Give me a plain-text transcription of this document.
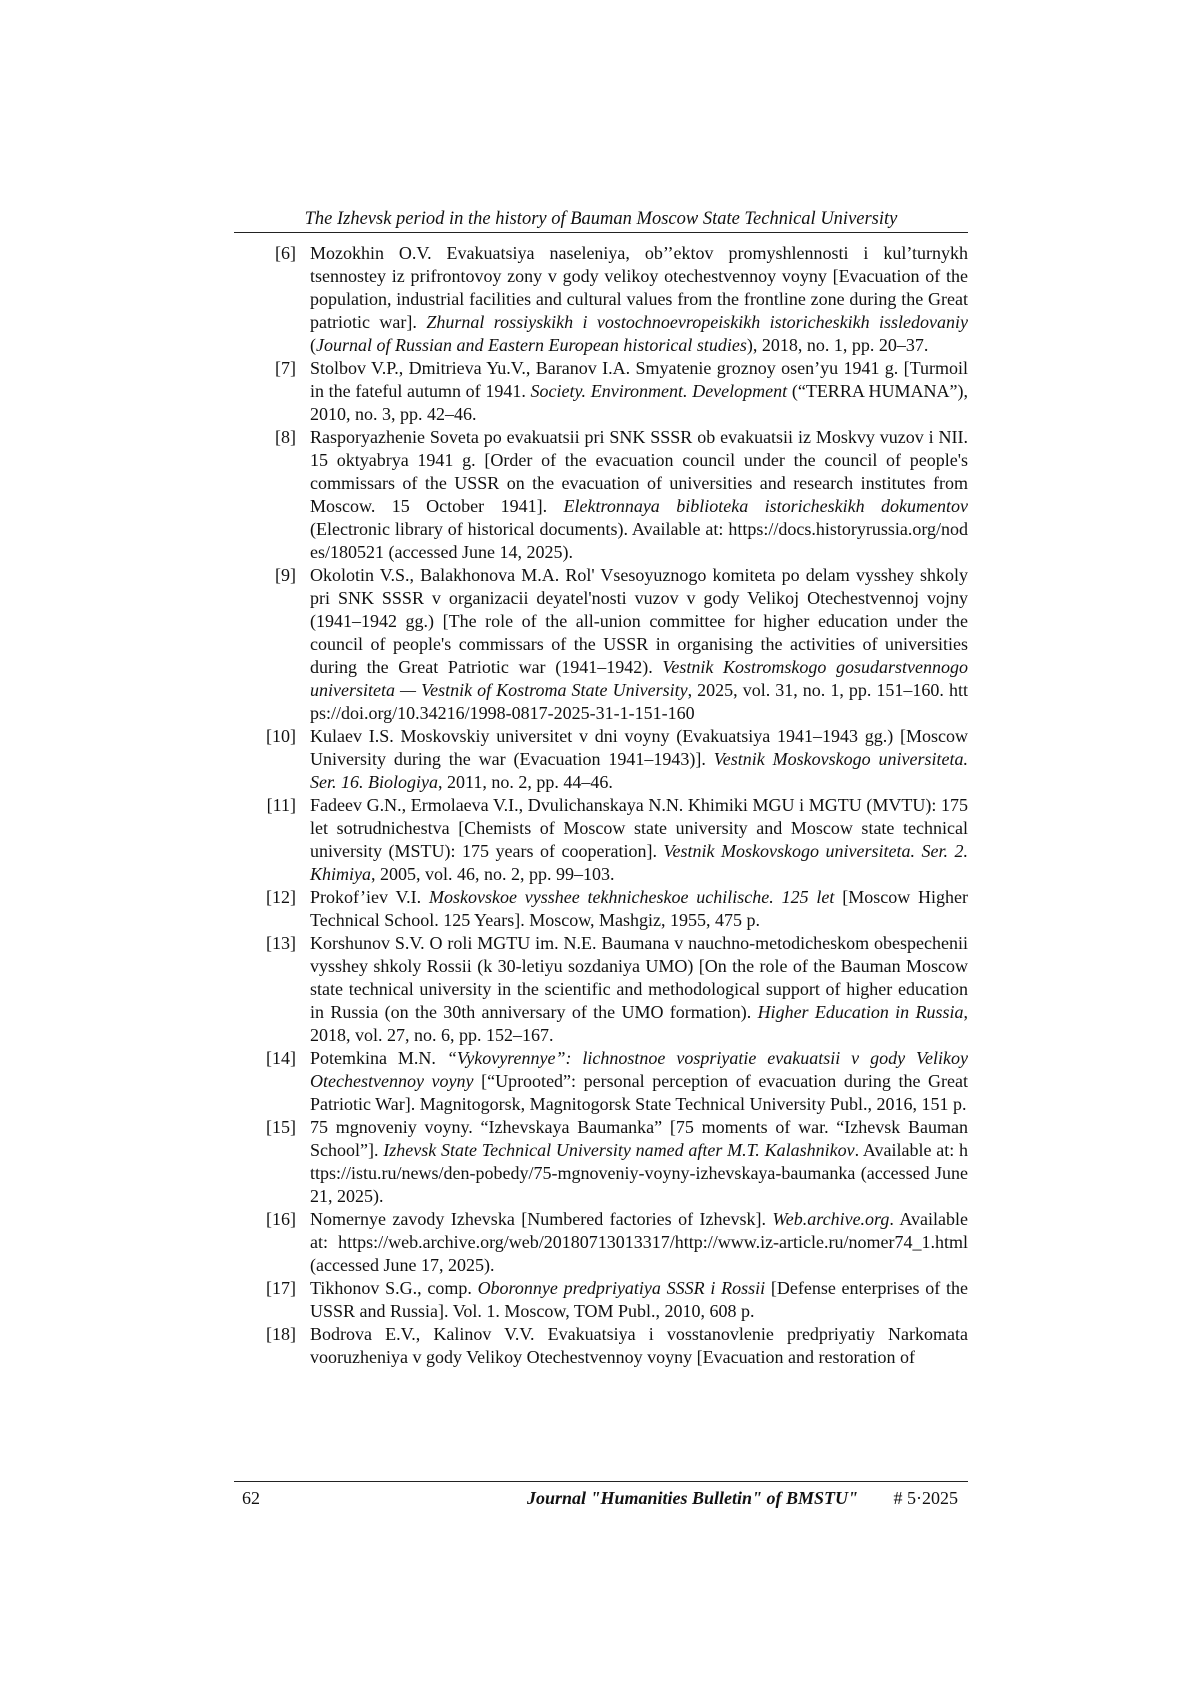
The Izhevsk period in the history of Bauman Moscow State Technical University
[6] Mozokhin O.V. Evakuatsiya naseleniya, ob’’ektov promyshlennosti i kul’turnykh tsennostey iz prifrontovoy zony v gody velikoy otechestvennoy voyny [Evacuation of the population, industrial facilities and cultural values from the frontline zone during the Great patriotic war]. Zhurnal rossiyskikh i vostochnoevropeiskikh istoricheskikh issledovaniy (Journal of Russian and Eastern European historical studies), 2018, no. 1, pp. 20–37.
[7] Stolbov V.P., Dmitrieva Yu.V., Baranov I.A. Smyatenie groznoy osen’yu 1941 g. [Turmoil in the fateful autumn of 1941. Society. Environment. Development (“TERRA HUMANA”), 2010, no. 3, pp. 42–46.
[8] Rasporyazhenie Soveta po evakuatsii pri SNK SSSR ob evakuatsii iz Moskvy vuzov i NII. 15 oktyabrya 1941 g. [Order of the evacuation council under the council of people's commissars of the USSR on the evacuation of universities and research institutes from Moscow. 15 October 1941]. Elektronnaya biblioteka istoricheskikh dokumentov (Electronic library of historical documents). Available at: https://docs.historyrussia.org/nodes/180521 (accessed June 14, 2025).
[9] Okolotin V.S., Balakhonova M.A. Rol' Vsesoyuznogo komiteta po delam vysshey shkoly pri SNK SSSR v organizacii deyatel'nosti vuzov v gody Velikoj Otechestvennoj vojny (1941–1942 gg.) [The role of the all-union committee for higher education under the council of people's commissars of the USSR in organising the activities of universities during the Great Patriotic war (1941–1942). Vestnik Kostromskogo gosudarstvennogo universiteta — Vestnik of Kostroma State University, 2025, vol. 31, no. 1, pp. 151–160. https://doi.org/10.34216/1998-0817-2025-31-1-151-160
[10] Kulaev I.S. Moskovskiy universitet v dni voyny (Evakuatsiya 1941–1943 gg.) [Moscow University during the war (Evacuation 1941–1943)]. Vestnik Moskovskogo universiteta. Ser. 16. Biologiya, 2011, no. 2, pp. 44–46.
[11] Fadeev G.N., Ermolaeva V.I., Dvulichanskaya N.N. Khimiki MGU i MGTU (MVTU): 175 let sotrudnichestva [Chemists of Moscow state university and Moscow state technical university (MSTU): 175 years of cooperation]. Vestnik Moskovskogo universiteta. Ser. 2. Khimiya, 2005, vol. 46, no. 2, pp. 99–103.
[12] Prokof’iev V.I. Moskovskoe vysshee tekhnicheskoe uchilische. 125 let [Moscow Higher Technical School. 125 Years]. Moscow, Mashgiz, 1955, 475 p.
[13] Korshunov S.V. O roli MGTU im. N.E. Baumana v nauchno-metodicheskom obespechenii vysshey shkoly Rossii (k 30-letiyu sozdaniya UMO) [On the role of the Bauman Moscow state technical university in the scientific and methodological support of higher education in Russia (on the 30th anniversary of the UMO formation). Higher Education in Russia, 2018, vol. 27, no. 6, pp. 152–167.
[14] Potemkina M.N. “Vykovyrennye”: lichnostnoe vospriyatie evakuatsii v gody Velikoy Otechestvennoy voyny [“Uprooted”: personal perception of evacuation during the Great Patriotic War]. Magnitogorsk, Magnitogorsk State Technical University Publ., 2016, 151 p.
[15] 75 mgnoveniy voyny. “Izhevskaya Baumanka” [75 moments of war. “Izhevsk Bauman School”]. Izhevsk State Technical University named after M.T. Kalashnikov. Available at: https://istu.ru/news/den-pobedy/75-mgnoveniy-voyny-izhevskaya-baumanka (accessed June 21, 2025).
[16] Nomernye zavody Izhevska [Numbered factories of Izhevsk]. Web.archive.org. Available at: https://web.archive.org/web/20180713013317/http://www.iz-article.ru/nomer74_1.html (accessed June 17, 2025).
[17] Tikhonov S.G., comp. Oboronnye predpriyatiya SSSR i Rossii [Defense enterprises of the USSR and Russia]. Vol. 1. Moscow, TOM Publ., 2010, 608 p.
[18] Bodrova E.V., Kalinov V.V. Evakuatsiya i vosstanovlenie predpriyatiy Narkomata vooruzheniya v gody Velikoy Otechestvennoy voyny [Evacuation and restoration of
62	Journal "Humanities Bulletin" of BMSTU" # 5·2025
